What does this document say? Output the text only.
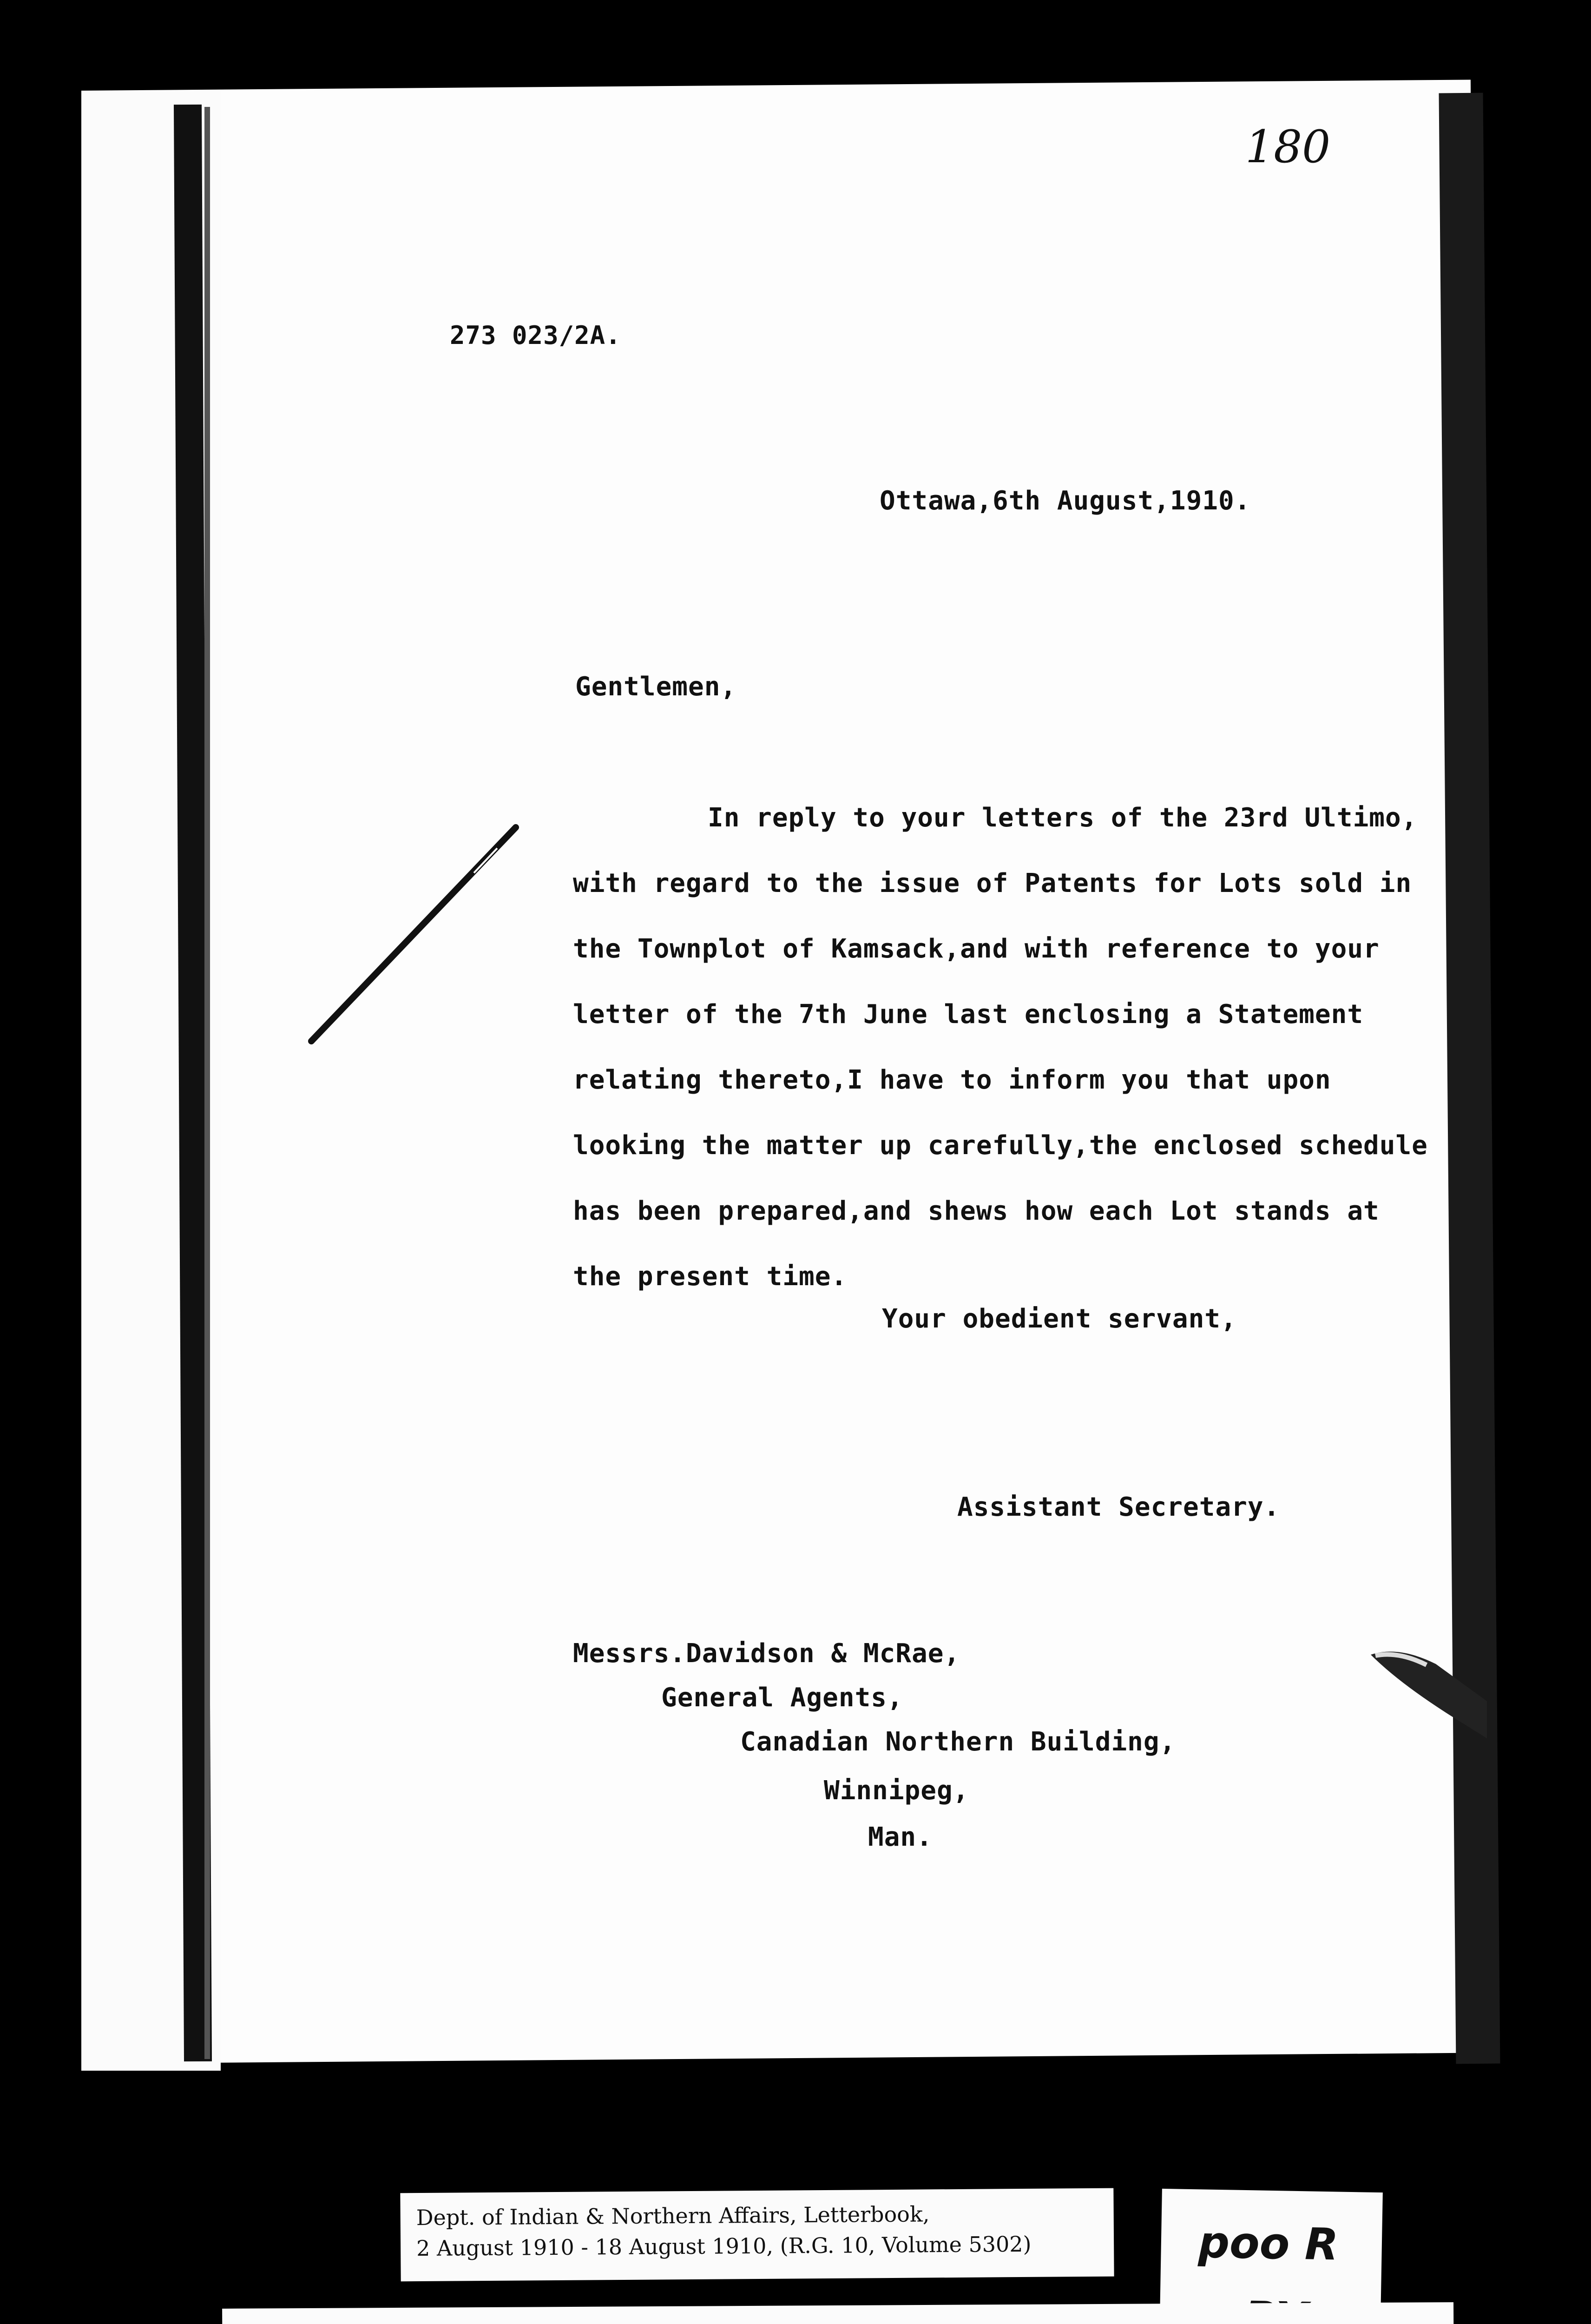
180
273 023/2A.
Ottawa,6th August,1910.
Gentlemen,

In reply to your letters of the 23rd Ultimo,

with regard to the issue of Patents for Lots sold in

the Townplot of Kamsack,and with reference to your

letter of the 7th June last enclosing a Statement

relating thereto,I have to inform you that upon

looking the matter up carefully,the enclosed schedule

has been prepared,and shews how each Lot stands at

the present time.

Your obedient servant,
Assistant Secretary.
Messrs.Davidson & McRae,
General Agents,
Canadian Northern Building,
Winnipeg,
Man.
Dept. of Indian & Northern Affairs, Letterbook,
2 August 1910 - 18 August 1910, (R.G. 10, Volume 5302)	poo R
